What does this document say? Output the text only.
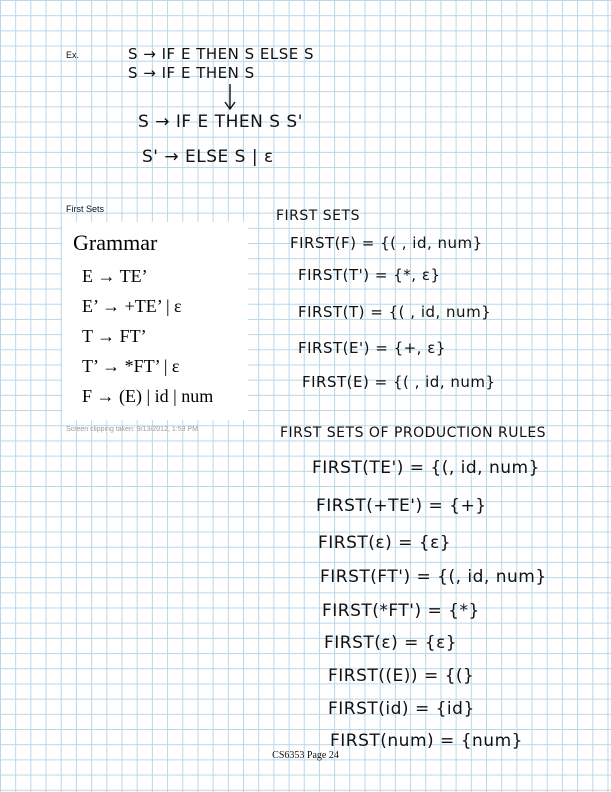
Ex.	S → IF E THEN S ELSE S
S → IF E THEN S
S → IF E THEN S S'
S' → ELSE S | ε
First Sets
Grammar
E → TE’
E’ → +TE’ | ε
T → FT’
T’ → *FT’ | ε
F → (E) | id | num
Screen clipping taken: 9/13/2012, 1:53 PM
FIRST SETS
FIRST(F) = {( , id, num}
FIRST(T') = {*, ε}
FIRST(T) = {( , id, num}
FIRST(E') = {+, ε}
FIRST(E) = {( , id, num}
FIRST SETS OF PRODUCTION RULES
FIRST(TE') = {(, id, num}
FIRST(+TE') = {+}
FIRST(ε) = {ε}
FIRST(FT') = {(, id, num}
FIRST(*FT') = {*}
FIRST(ε) = {ε}
FIRST((E)) = {(}
FIRST(id) = {id}
FIRST(num) = {num}
CS6353 Page 24
